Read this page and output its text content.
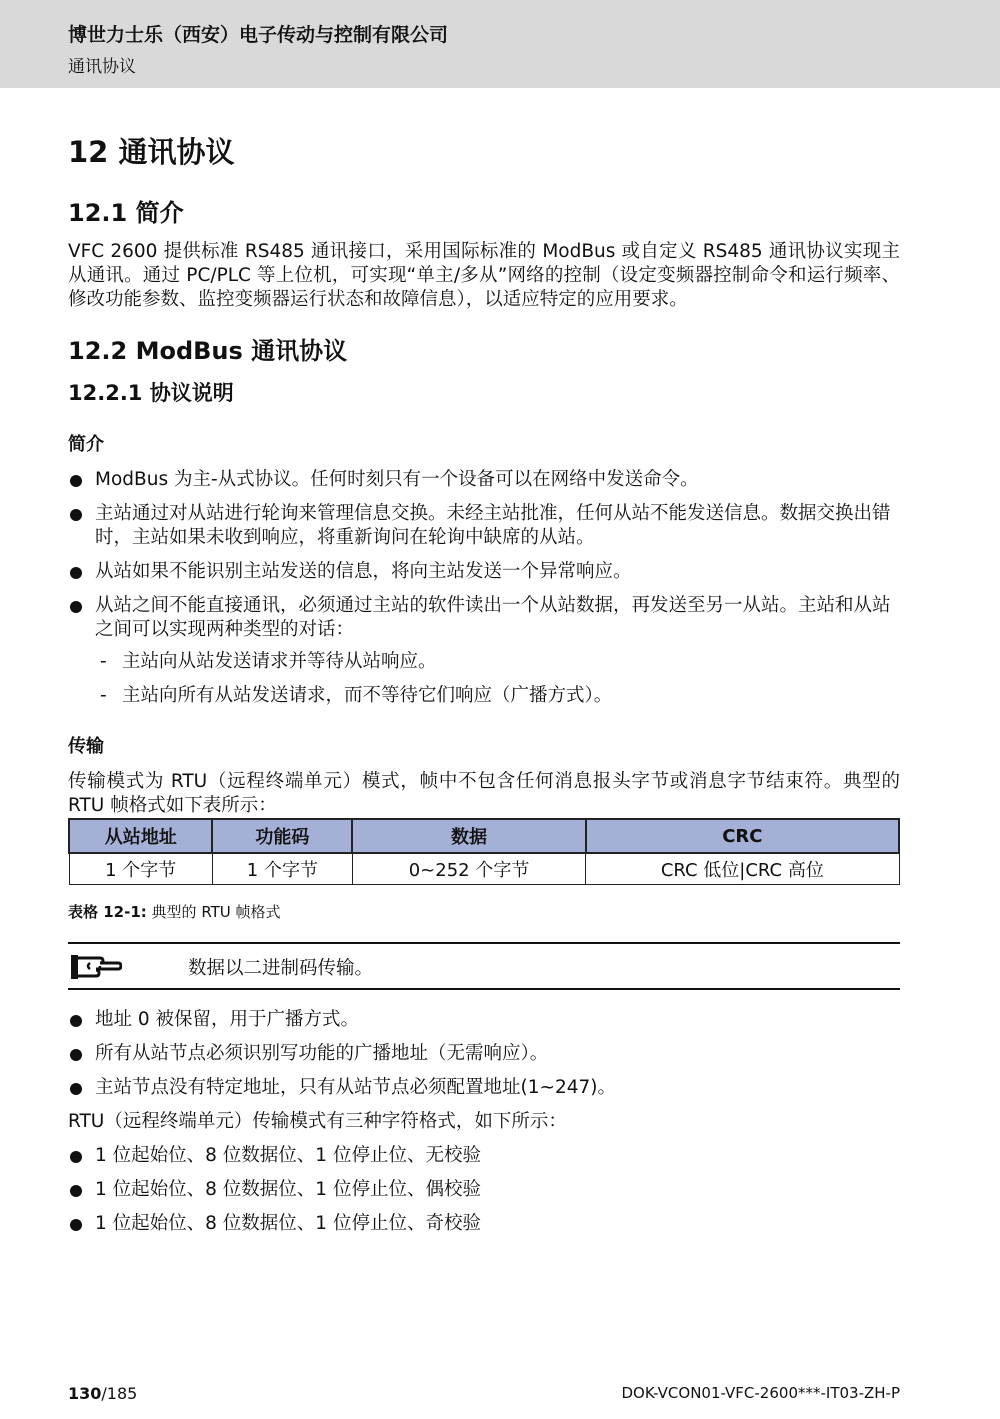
博世力士乐（西安）电子传动与控制有限公司
通讯协议
12 通讯协议
12.1 简介

VFC 2600 提供标准 RS485 通讯接口，采用国际标准的 ModBus 或自定义 RS485 通讯协议实现主从通讯。通过 PC/PLC 等上位机，可实现“单主/多从”网络的控制（设定变频器控制命令和运行频率、修改功能参数、监控变频器运行状态和故障信息），以适应特定的应用要求。

12.2 ModBus 通讯协议
12.2.1 协议说明
简介
ModBus 为主-从式协议。任何时刻只有一个设备可以在网络中发送命令。
主站通过对从站进行轮询来管理信息交换。未经主站批准，任何从站不能发送信息。数据交换出错时，主站如果未收到响应，将重新询问在轮询中缺席的从站。
从站如果不能识别主站发送的信息，将向主站发送一个异常响应。
从站之间不能直接通讯，必须通过主站的软件读出一个从站数据，再发送至另一从站。主站和从站之间可以实现两种类型的对话：
- 主站向从站发送请求并等待从站响应。
- 主站向所有从站发送请求，而不等待它们响应（广播方式）。
传输

传输模式为 RTU（远程终端单元）模式，帧中不包含任何消息报头字节或消息字节结束符。典型的 RTU 帧格式如下表所示：

从站地址	功能码	数据	CRC
1 个字节	1 个字节	0~252 个字节	CRC 低位|CRC 高位
表格 12-1: 典型的 RTU 帧格式
数据以二进制码传输。
地址 0 被保留，用于广播方式。
所有从站节点必须识别写功能的广播地址（无需响应）。
主站节点没有特定地址，只有从站节点必须配置地址(1~247)。

RTU（远程终端单元）传输模式有三种字符格式，如下所示：

1 位起始位、8 位数据位、1 位停止位、无校验
1 位起始位、8 位数据位、1 位停止位、偶校验
1 位起始位、8 位数据位、1 位停止位、奇校验
130/185	DOK-VCON01-VFC-2600***-IT03-ZH-P
